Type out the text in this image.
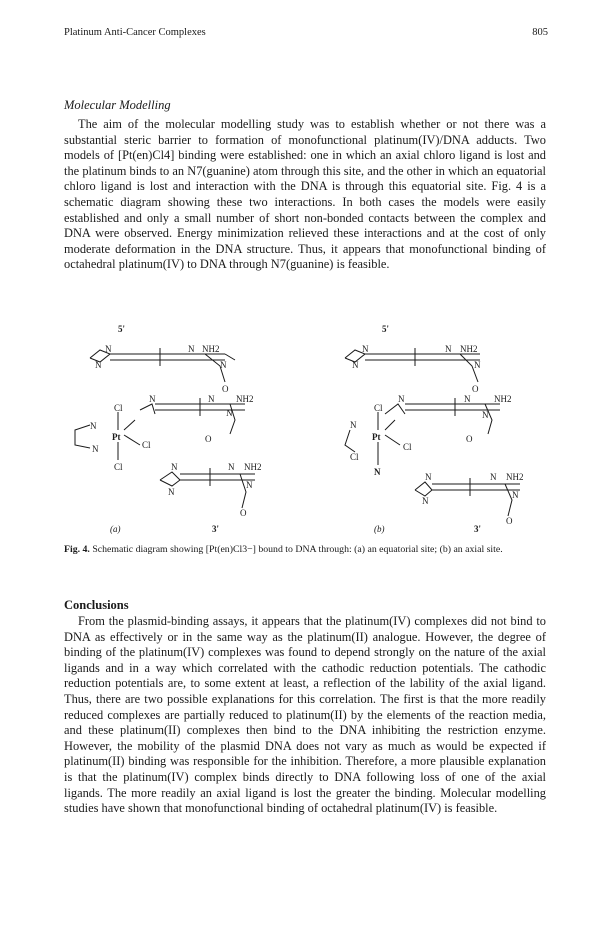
Platinum Anti-Cancer Complexes	805
Molecular Modelling

The aim of the molecular modelling study was to establish whether or not there was a substantial steric barrier to formation of monofunctional platinum(IV)/DNA adducts. Two models of [Pt(en)Cl4] binding were established: one in which an axial chloro ligand is lost and the platinum binds to an N7(guanine) atom through this site, and the other in which an equatorial chloro ligand is lost and interaction with the DNA is through this equatorial site. Fig. 4 is a schematic diagram showing these two interactions. In both cases the models were easily established and only a small number of short non-bonded contacts between the complex and DNA were observed. Energy minimization relieved these interactions and at the cost of only moderate deformation in the DNA structure. Thus, it appears that monofunctional binding of octahedral platinum(IV) to DNA through N7(guanine) is feasible.

5'
N
N
N NH2
N
O
N	N NH2
N
O
Cl
N
Pt
Cl
N
Cl	N
N
N NH2
N
O
(a)	3'
5'
N
N
N NH2
N
O
N	N	NH2
N
O
Cl
N
Pt
Cl
Cl
N	N
N
N NH2
N
O
(b)	3'

Fig. 4. Schematic diagram showing [Pt(en)Cl3−] bound to DNA through: (a) an equatorial site; (b) an axial site.

Conclusions

From the plasmid-binding assays, it appears that the platinum(IV) complexes did not bind to DNA as effectively or in the same way as the platinum(II) analogue. However, the degree of binding of the platinum(IV) complexes was found to depend strongly on the nature of the axial ligands and in a way which correlated with the cathodic reduction potentials. The cathodic reduction potentials are, to some extent at least, a reflection of the lability of the axial ligand. Thus, there are two possible explanations for this correlation. The first is that the more readily reduced complexes are partially reduced to platinum(II) by the elements of the reaction media, and these platinum(II) complexes then bind to the DNA inhibiting the restriction enzyme. However, the mobility of the plasmid DNA does not vary as much as would be expected if platinum(II) binding was responsible for the inhibition. Therefore, a more plausible explanation is that the platinum(IV) complex binds directly to DNA following loss of one of the axial ligands. The more readily an axial ligand is lost the greater the binding. Molecular modelling studies have shown that monofunctional binding of octahedral platinum(IV) is feasible.
